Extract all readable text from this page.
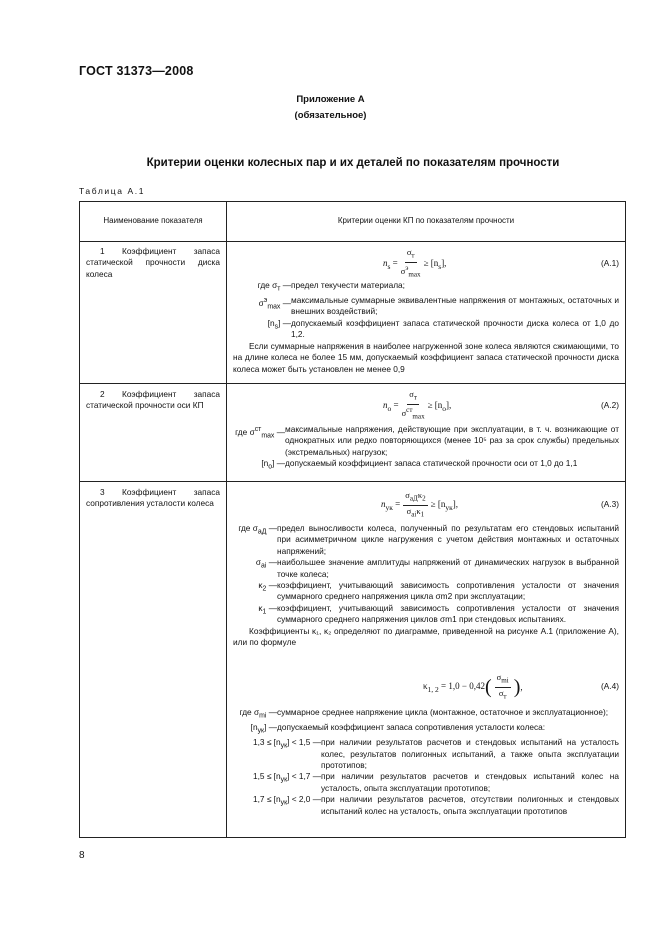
ГОСТ 31373—2008
Приложение А
(обязательное)
Критерии оценки колесных пар и их деталей по показателям прочности
Таблица А.1
Наименование показателя	Критерии оценки КП по показателям прочности
1 Коэффициент запаса статической прочности диска колеса
$n_s = \frac{\sigma_т}{\sigma^э_{max}} \ge [n_s]$,	(А.1)
где $\sigma_т$ — предел текучести материала;
$\sigma^э_{max}$ — максимальные суммарные эквивалентные напряжения от монтажных, остаточных и внешних воздействий;
$[n_s]$ — допускаемый коэффициент запаса статической прочности диска колеса от 1,0 до 1,2.

Если суммарные напряжения в наиболее нагруженной зоне колеса являются сжимающими, то на длине колеса не более 15 мм, допускаемый коэффициент запаса статической прочности диска колеса может быть установлен не менее 0,9

2 Коэффициент запаса статической прочности оси КП	$n_о = \frac{\sigma_т}{\sigma^{ст}_{max}} \ge [n_о]$,	(А.2)
где $\sigma^{ст}_{max}$ — максимальные напряжения, действующие при эксплуатации, в т. ч. возникающие от однократных или редко повторяющихся (менее 10⁵ раз за срок службы) предельных (экстремальных) нагрузок;
$[n_о]$ — допускаемый коэффициент запаса статической прочности оси от 1,0 до 1,1
3 Коэффициент запаса сопротивления усталости колеса	$n_{ук} = \frac{\sigma_{аД}\kappa_2}{\sigma_{аi}\kappa_1} \ge [n_{ук}]$,	(А.3)
где $\sigma_{аД}$ — предел выносливости колеса, полученный по результатам его стендовых испытаний при асимметричном цикле нагружения с учетом действия монтажных и остаточных напряжений;
$\sigma_{аi}$ — наибольшее значение амплитуды напряжений от динамических нагрузок в выбранной точке колеса;
$\kappa_2$ — коэффициент, учитывающий зависимость сопротивления усталости от значения суммарного среднего напряжения цикла σm2 при эксплуатации;
$\kappa_1$ — коэффициент, учитывающий зависимость сопротивления усталости от значения суммарного среднего напряжения циклов σm1 при стендовых испытаниях.

Коэффициенты κ₁, κ₂ определяют по диаграмме, приведенной на рисунке А.1 (приложение А), или по формуле

$\kappa_{1, 2} = 1,0 - 0,42$ ( $\frac{\sigma_{mi}}{\sigma_т}$ ) ,	(А.4)
где $\sigma_{mi}$ — суммарное среднее напряжение цикла (монтажное, остаточное и эксплуатационное);
$[n_{ук}]$ — допускаемый коэффициент запаса сопротивления усталости колеса:
$1,3 \le [n_{ук}] < 1,5$ — при наличии результатов расчетов и стендовых испытаний на усталость колес, результатов полигонных испытаний, а также опыта эксплуатации прототипов;
$1,5 \le [n_{ук}] < 1,7$ — при наличии результатов расчетов и стендовых испытаний колес на усталость, опыта эксплуатации прототипов;
$1,7 \le [n_{ук}] < 2,0$ — при наличии результатов расчетов, отсутствии полигонных и стендовых испытаний колес на усталость, опыта эксплуатации прототипов
8
